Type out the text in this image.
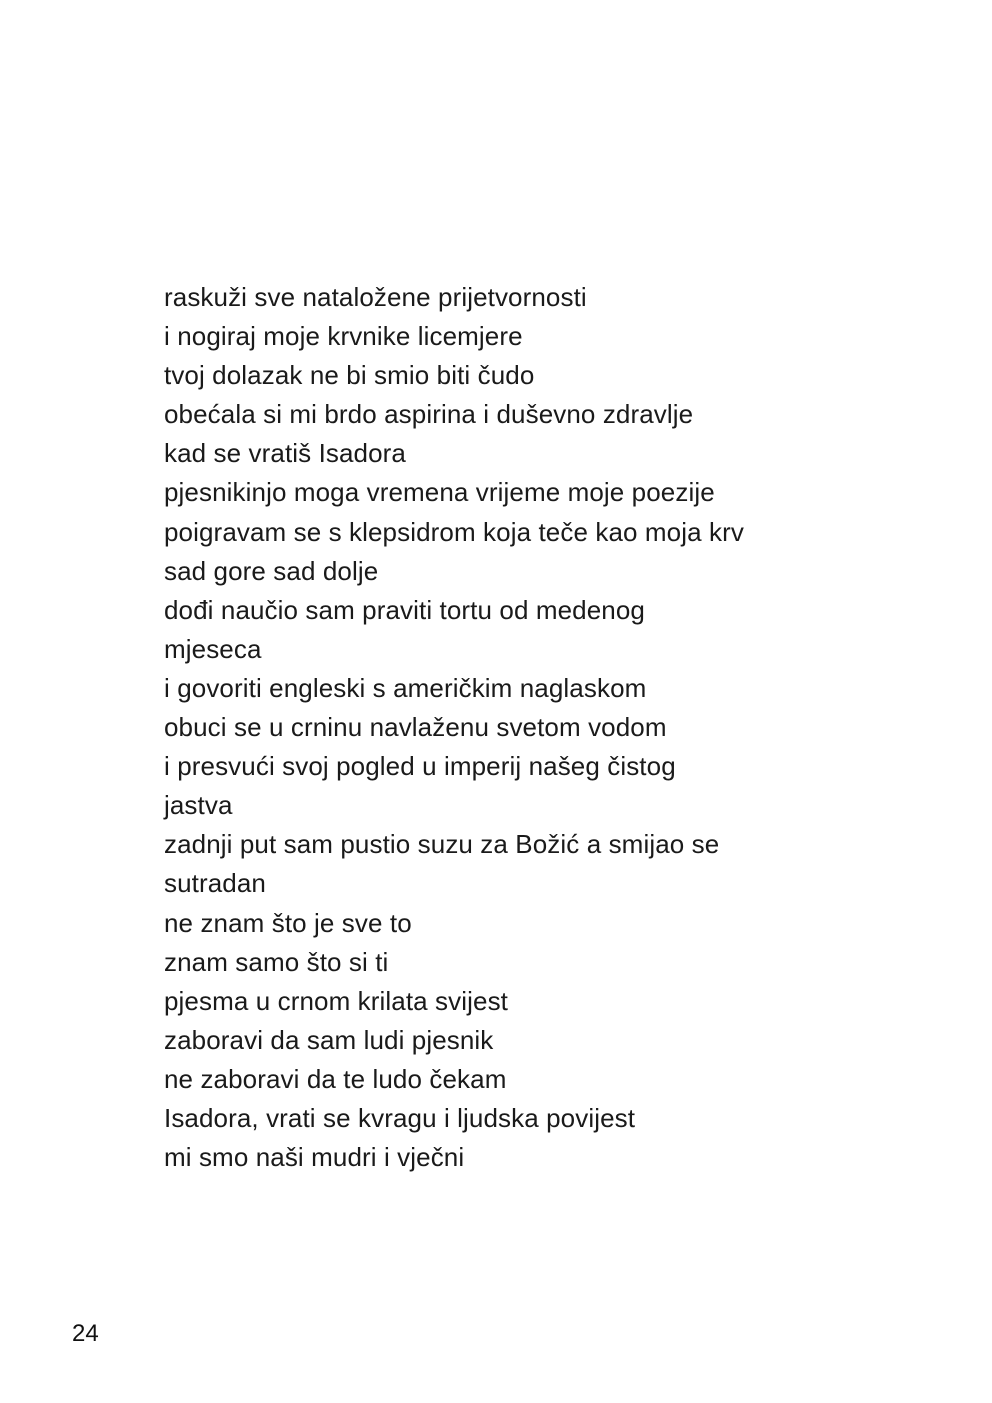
raskuži sve nataložene prijetvornosti
i nogiraj moje krvnike licemjere
tvoj dolazak ne bi smio biti čudo
obećala si mi brdo aspirina i duševno zdravlje
kad se vratiš Isadora
pjesnikinjo moga vremena vrijeme moje poezije
poigravam se s klepsidrom koja teče kao moja krv
sad gore sad dolje
dođi naučio sam praviti tortu od medenog
mjeseca
i govoriti engleski s američkim naglaskom
obuci se u crninu navlaženu svetom vodom
i presvući svoj pogled u imperij našeg čistog
jastva
zadnji put sam pustio suzu za Božić a smijao se
sutradan
ne znam što je sve to
znam samo što si ti
pjesma u crnom krilata svijest
zaboravi da sam ludi pjesnik
ne zaboravi da te ludo čekam
Isadora, vrati se kvragu i ljudska povijest
mi smo naši mudri i vječni
24
